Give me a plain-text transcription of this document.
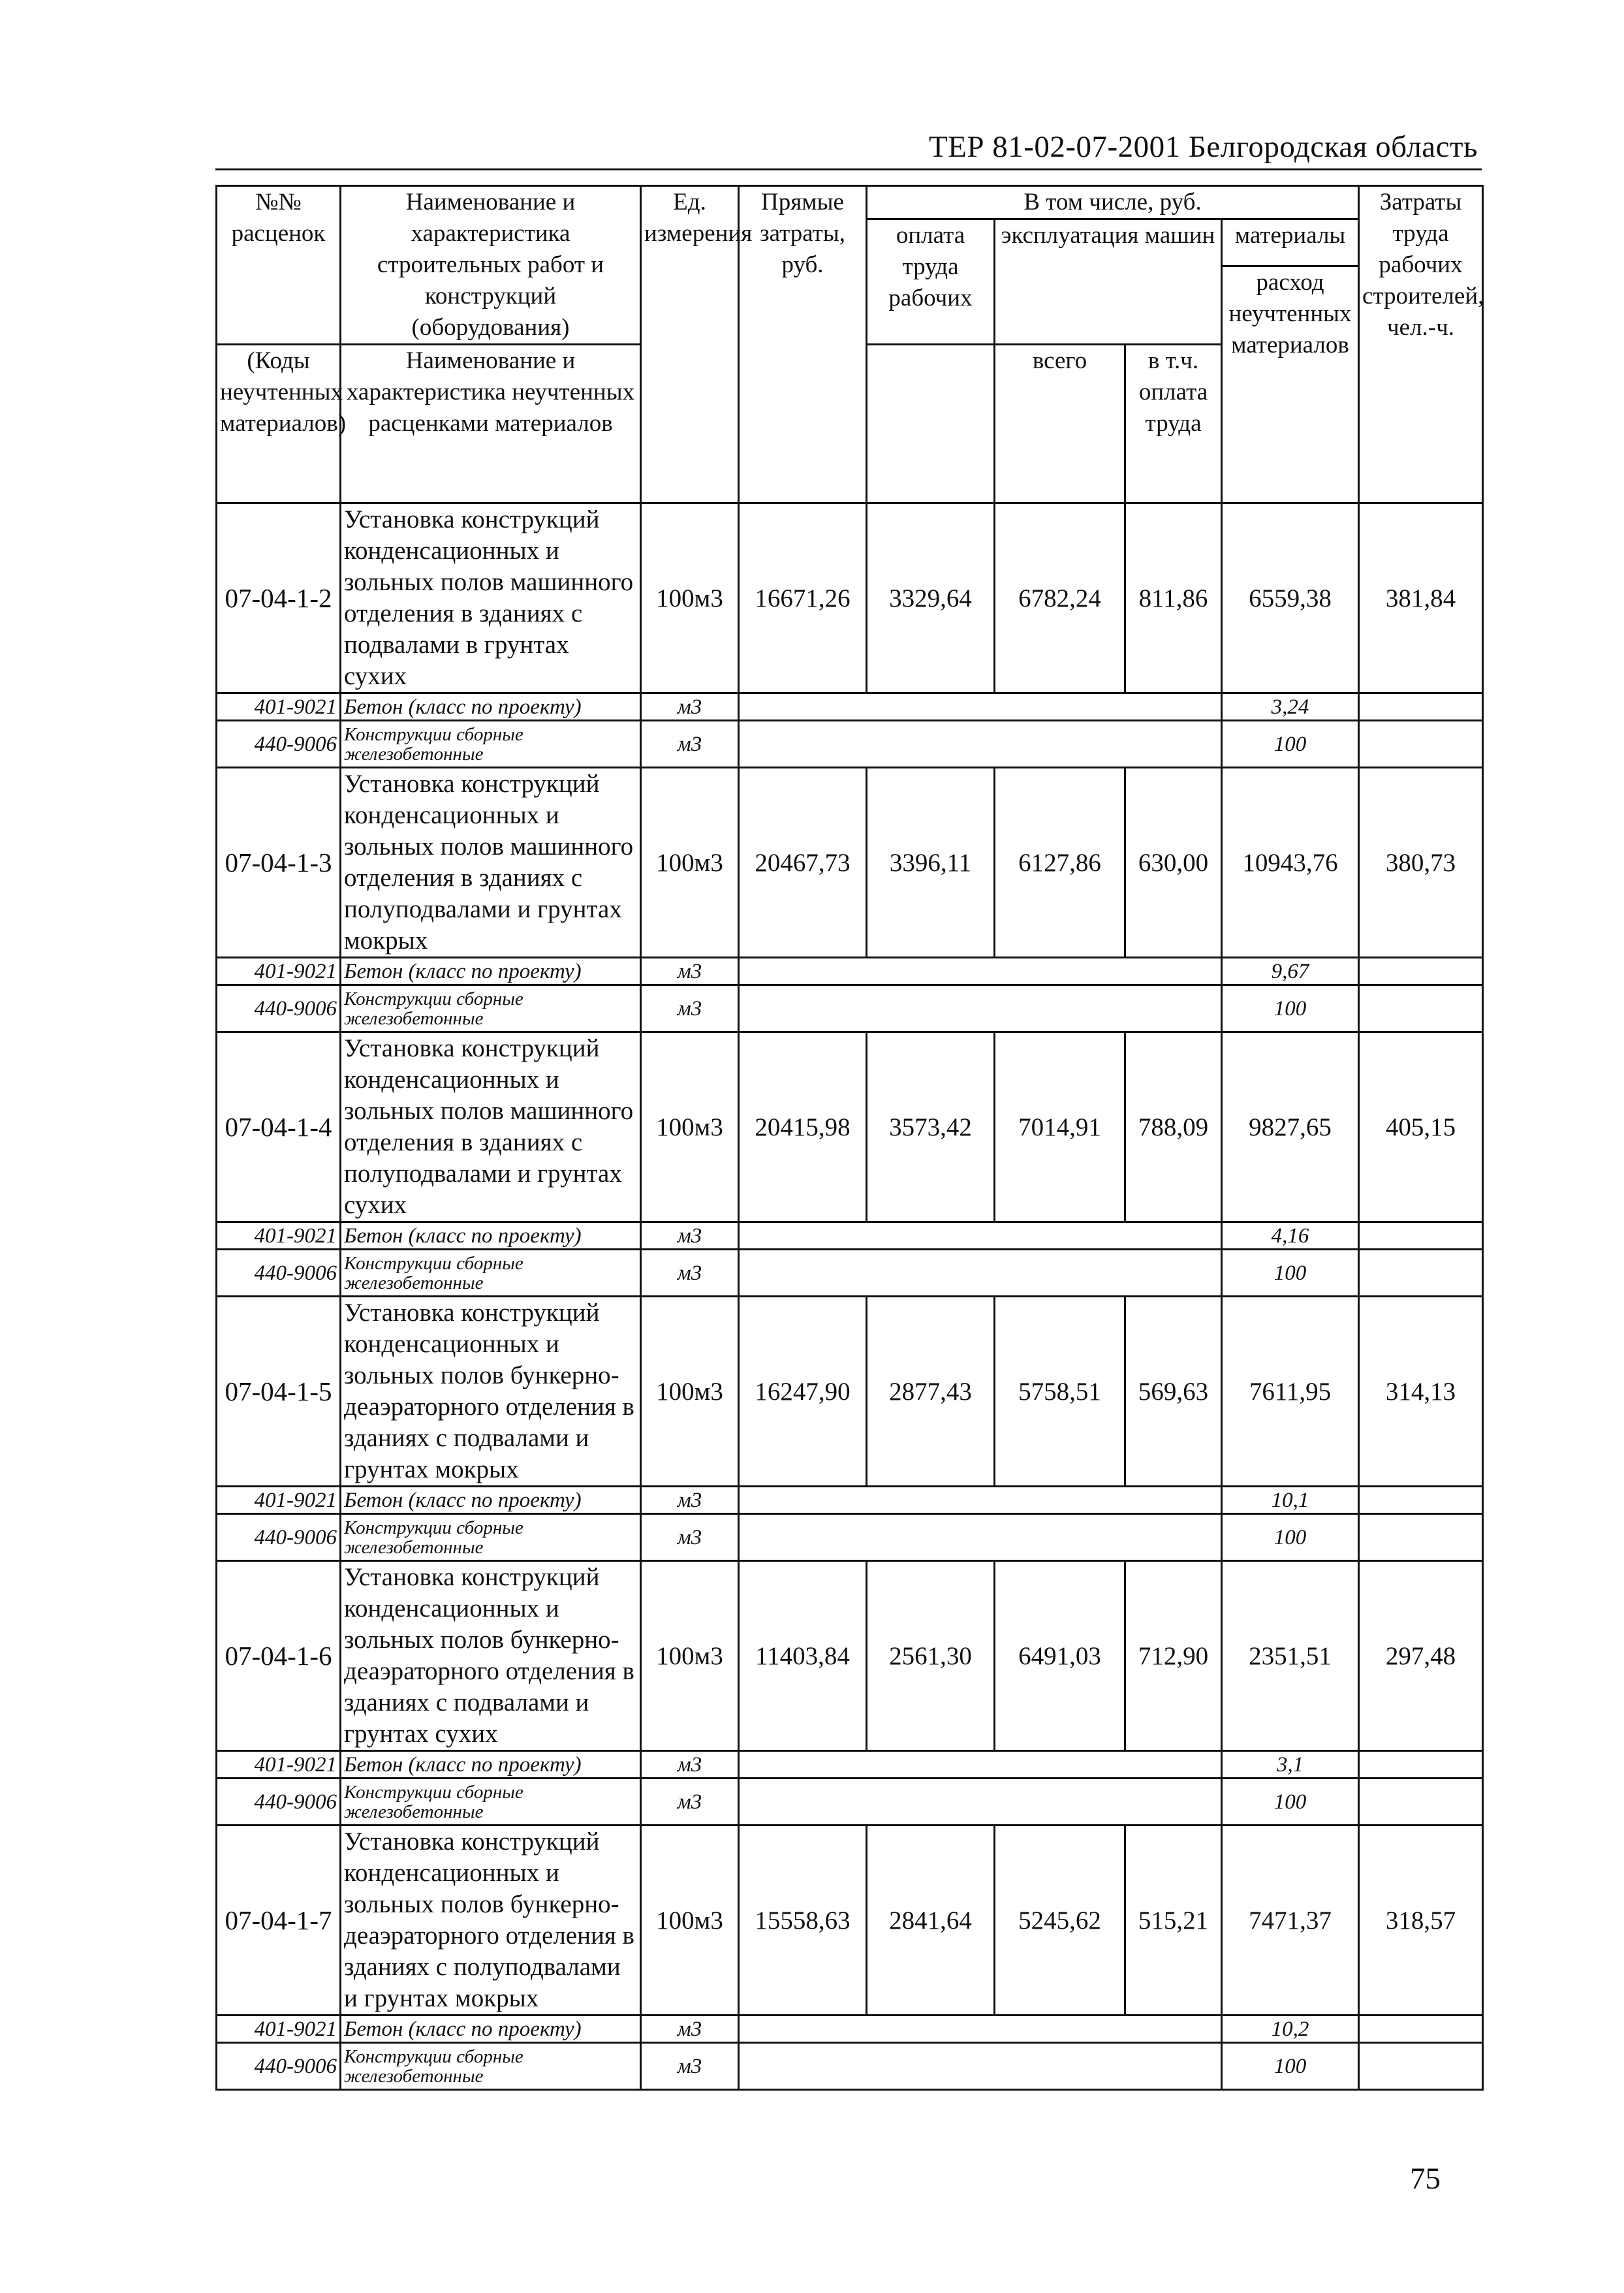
ТЕР 81-02-07-2001 Белгородская область
№№ расценок	Наименование и характеристика строительных работ и конструкций (оборудования)	Ед. измерения	Прямые затраты, руб.	В том числе, руб.				Затраты труда рабочих строителей, чел.-ч.
				оплата труда рабочих	эксплуатация машин		материалы	
							расход неучтенных материалов	
(Коды неучтенных материалов)	Наименование и характеристика неучтенных расценками материалов				всего	в т.ч. оплата труда		
07-04-1-2	Установка конструкций конденсационных и зольных полов машинного отделения в зданиях с подвалами в грунтах сухих	100м3	16671,26	3329,64	6782,24	811,86	6559,38	381,84
401-9021	Бетон (класс по проекту)	м3					3,24	
440-9006	Конструкции сборные железобетонные	м3					100	
07-04-1-3	Установка конструкций конденсационных и зольных полов машинного отделения в зданиях с полуподвалами и грунтах мокрых	100м3	20467,73	3396,11	6127,86	630,00	10943,76	380,73
401-9021	Бетон (класс по проекту)	м3					9,67	
440-9006	Конструкции сборные железобетонные	м3					100	
07-04-1-4	Установка конструкций конденсационных и зольных полов машинного отделения в зданиях с полуподвалами и грунтах сухих	100м3	20415,98	3573,42	7014,91	788,09	9827,65	405,15
401-9021	Бетон (класс по проекту)	м3					4,16	
440-9006	Конструкции сборные железобетонные	м3					100	
07-04-1-5	Установка конструкций конденсационных и зольных полов бункерно-деаэраторного отделения в зданиях с подвалами и грунтах мокрых	100м3	16247,90	2877,43	5758,51	569,63	7611,95	314,13
401-9021	Бетон (класс по проекту)	м3					10,1	
440-9006	Конструкции сборные железобетонные	м3					100	
07-04-1-6	Установка конструкций конденсационных и зольных полов бункерно-деаэраторного отделения в зданиях с подвалами и грунтах сухих	100м3	11403,84	2561,30	6491,03	712,90	2351,51	297,48
401-9021	Бетон (класс по проекту)	м3					3,1	
440-9006	Конструкции сборные железобетонные	м3					100	
07-04-1-7	Установка конструкций конденсационных и зольных полов бункерно-деаэраторного отделения в зданиях с полуподвалами и грунтах мокрых	100м3	15558,63	2841,64	5245,62	515,21	7471,37	318,57
401-9021	Бетон (класс по проекту)	м3					10,2	
440-9006	Конструкции сборные железобетонные	м3					100	
75
